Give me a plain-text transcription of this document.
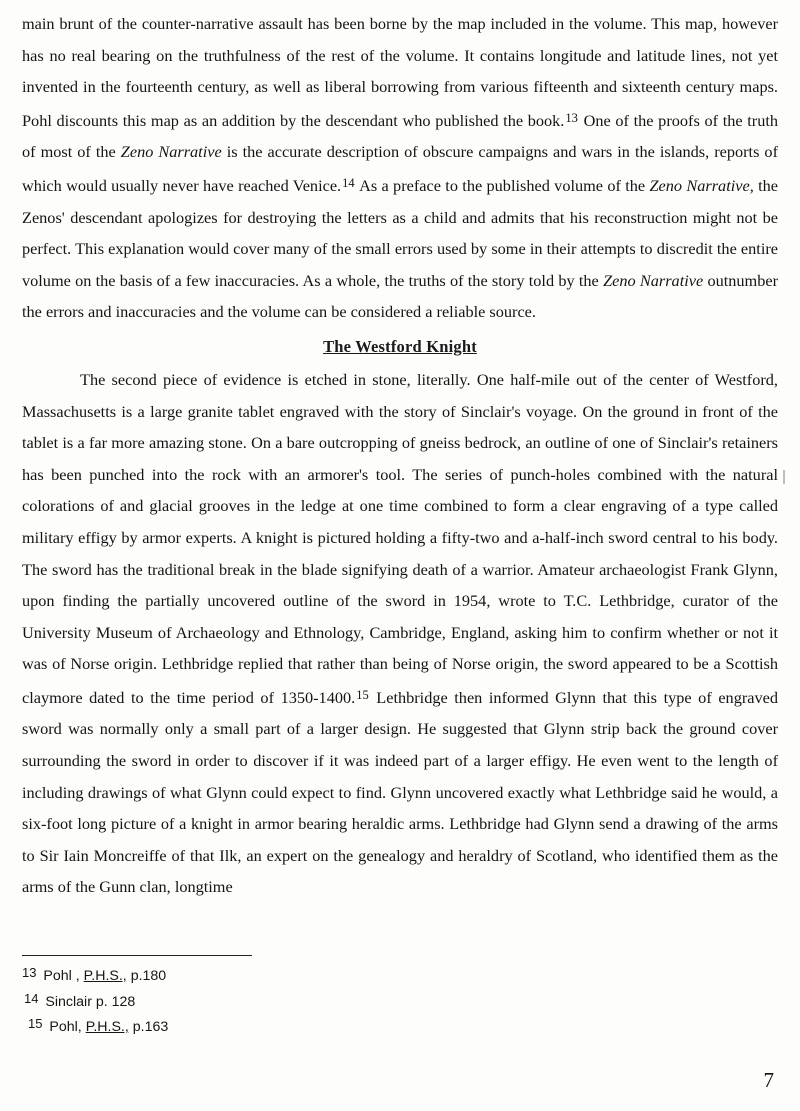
main brunt of the counter-narrative assault has been borne by the map included in the volume. This map, however has no real bearing on the truthfulness of the rest of the volume. It contains longitude and latitude lines, not yet invented in the fourteenth century, as well as liberal borrowing from various fifteenth and sixteenth century maps. Pohl discounts this map as an addition by the descendant who published the book.$^{13}$ One of the proofs of the truth of most of the Zeno Narrative is the accurate description of obscure campaigns and wars in the islands, reports of which would usually never have reached Venice.$^{14}$ As a preface to the published volume of the Zeno Narrative, the Zenos' descendant apologizes for destroying the letters as a child and admits that his reconstruction might not be perfect. This explanation would cover many of the small errors used by some in their attempts to discredit the entire volume on the basis of a few inaccuracies. As a whole, the truths of the story told by the Zeno Narrative outnumber the errors and inaccuracies and the volume can be considered a reliable source.

The Westford Knight

The second piece of evidence is etched in stone, literally. One half-mile out of the center of Westford, Massachusetts is a large granite tablet engraved with the story of Sinclair's voyage. On the ground in front of the tablet is a far more amazing stone. On a bare outcropping of gneiss bedrock, an outline of one of Sinclair's retainers has been punched into the rock with an armorer's tool. The series of punch-holes combined with the natural colorations of and glacial grooves in the ledge at one time combined to form a clear engraving of a type called military effigy by armor experts. A knight is pictured holding a fifty-two and a-half-inch sword central to his body. The sword has the traditional break in the blade signifying death of a warrior. Amateur archaeologist Frank Glynn, upon finding the partially uncovered outline of the sword in 1954, wrote to T.C. Lethbridge, curator of the University Museum of Archaeology and Ethnology, Cambridge, England, asking him to confirm whether or not it was of Norse origin. Lethbridge replied that rather than being of Norse origin, the sword appeared to be a Scottish claymore dated to the time period of 1350-1400.15 Lethbridge then informed Glynn that this type of engraved sword was normally only a small part of a larger design. He suggested that Glynn strip back the ground cover surrounding the sword in order to discover if it was indeed part of a larger effigy. He even went to the length of including drawings of what Glynn could expect to find. Glynn uncovered exactly what Lethbridge said he would, a six-foot long picture of a knight in armor bearing heraldic arms. Lethbridge had Glynn send a drawing of the arms to Sir Iain Moncreiffe of that Ilk, an expert on the genealogy and heraldry of Scotland, who identified them as the arms of the Gunn clan, longtime

13 Pohl , P.H.S., p.180
14 Sinclair p. 128
15 Pohl, P.H.S., p.163
7
